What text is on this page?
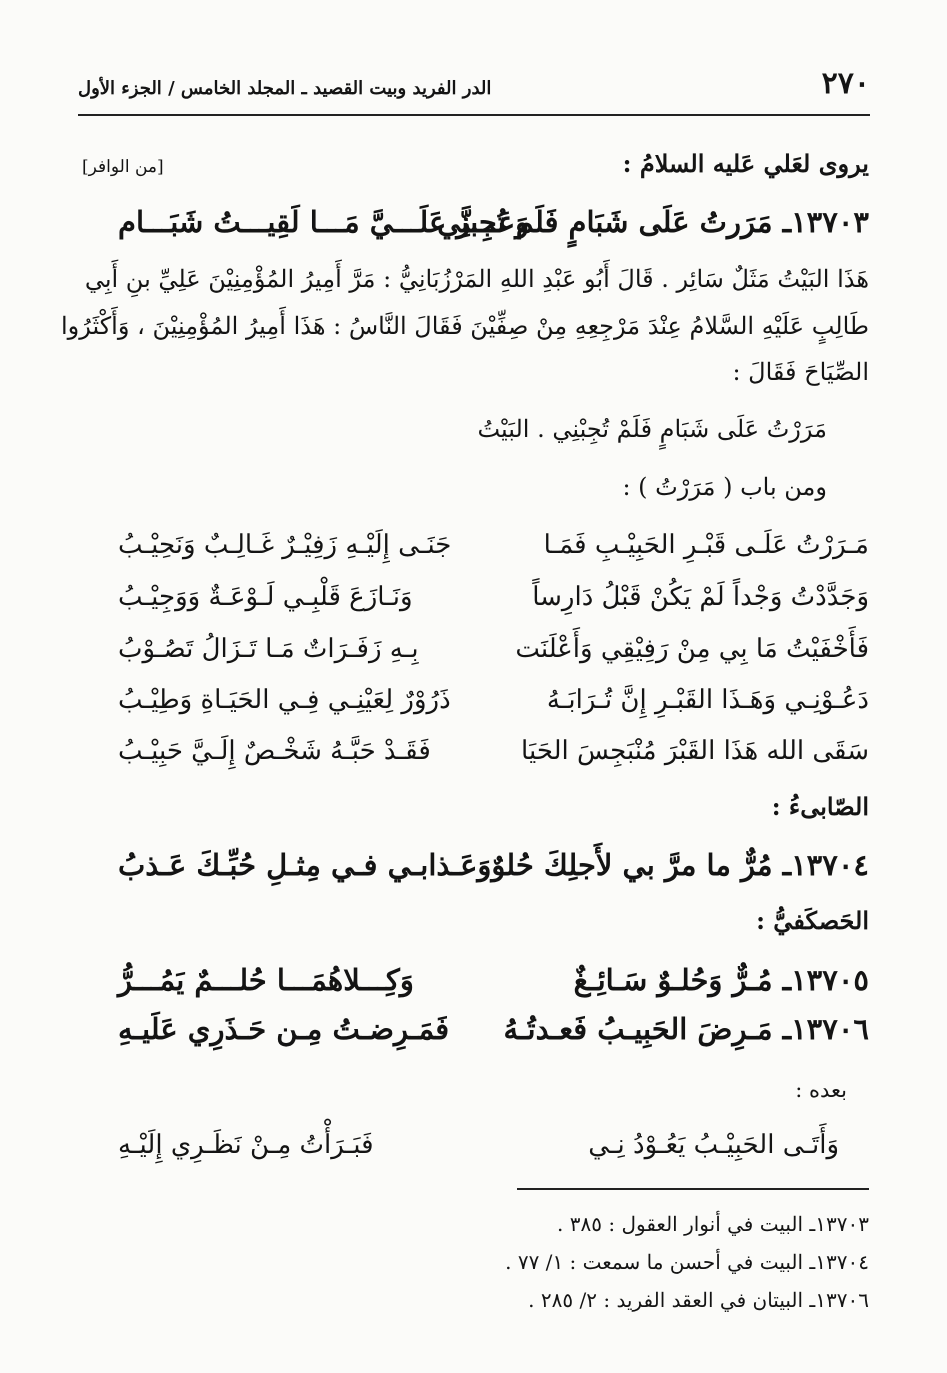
٢٧٠
الدر الفريد وبيت القصيد ـ المجلد الخامس / الجزء الأول
يروى لعَلي عَليه السلامُ :
[من الوافر]
١٣٧٠٣ـ مَرَرتُ عَلَى شَبَامٍ فَلَم تُجِبنِي
وَعَـــزَّ عَلَـــيَّ مَـــا لَقِيـــتُ شَبَـــام
هَذَا البَيْتُ مَثَلٌ سَائِر . قَالَ أَبُو عَبْدِ اللهِ المَرْزُبَانِيُّ : مَرَّ أَمِيرُ المُؤْمِنِيْنَ عَلِيِّ بنِ أَبِي
طَالِبٍ عَلَيْهِ السَّلامُ عِنْدَ مَرْجِعِهِ مِنْ صِفِّيْنَ فَقَالَ النَّاسُ : هَذَا أَمِيرُ المُؤْمِنِيْنَ ، وَأَكْثَرُوا
الصِّيَاحَ فَقَالَ :
مَرَرْتُ عَلَى شَبَامٍ فَلَمْ تُجِبْنِي . البَيْتُ
ومن باب ( مَرَرْتُ ) :
مَـرَرْتُ عَلَـى قَبْـرِ الحَبِيْـبِ فَمَـا
جَنَـى إِلَيْـهِ زَفِيْـرٌ غَـالِـبٌ وَنَحِيْـبُ
وَجَدَّدْتُ وَجْداً لَمْ يَكُنْ قَبْلُ دَارِساً
وَنَـازَعَ قَلْبِـي لَـوْعَـةٌ وَوَجِيْـبُ
فَأَخْفَيْتُ مَا بِي مِنْ رَفِيْقِي وَأَعْلَنَت
بِـهِ زَفَـرَاتٌ مَـا تَـزَالُ تَصُـوْبُ
دَعُـوْنِـي وَهَـذَا القَبْـرِ إِنَّ تُـرَابَـهُ
ذَرُوْرٌ لِعَيْنِـي فِـي الحَيَـاةِ وَطِيْـبُ
سَقَى الله هَذَا القَبْرَ مُنْبَجِسَ الحَيَا
فَقَـدْ حَبَّـهُ شَخْـصٌ إِلَـيَّ حَبِيْـبُ
الصّابىءُ :
١٣٧٠٤ـ مُرٌّ ما مرَّ بي لأَجلِكَ حُلوٌ
وَعَـذابـي فـي مِثـلِ حُبِّـكَ عَـذبُ
الحَصكَفيُّ :
١٣٧٠٥ـ مُـرٌّ وَحُلـوٌ سَـائِـغٌ
وَكِـــلاهُمَـــا حُلـــمٌ يَمُـــرُّ
١٣٧٠٦ـ مَـرِضَ الحَبِيـبُ فَعـدتُـهُ
فَمَـرِضـتُ مِـن حَـذَرِي عَلَيـهِ
بعده :
وَأَتَـى الحَبِيْـبُ يَعُـوْدُ نِـي
فَبَـرَأْتُ مِـنْ نَظَـرِي إِلَيْـهِ
١٣٧٠٣ـ البيت في أنوار العقول : ٣٨٥ .
١٣٧٠٤ـ البيت في أحسن ما سمعت : ١/ ٧٧ .
١٣٧٠٦ـ البيتان في العقد الفريد : ٢/ ٢٨٥ .
